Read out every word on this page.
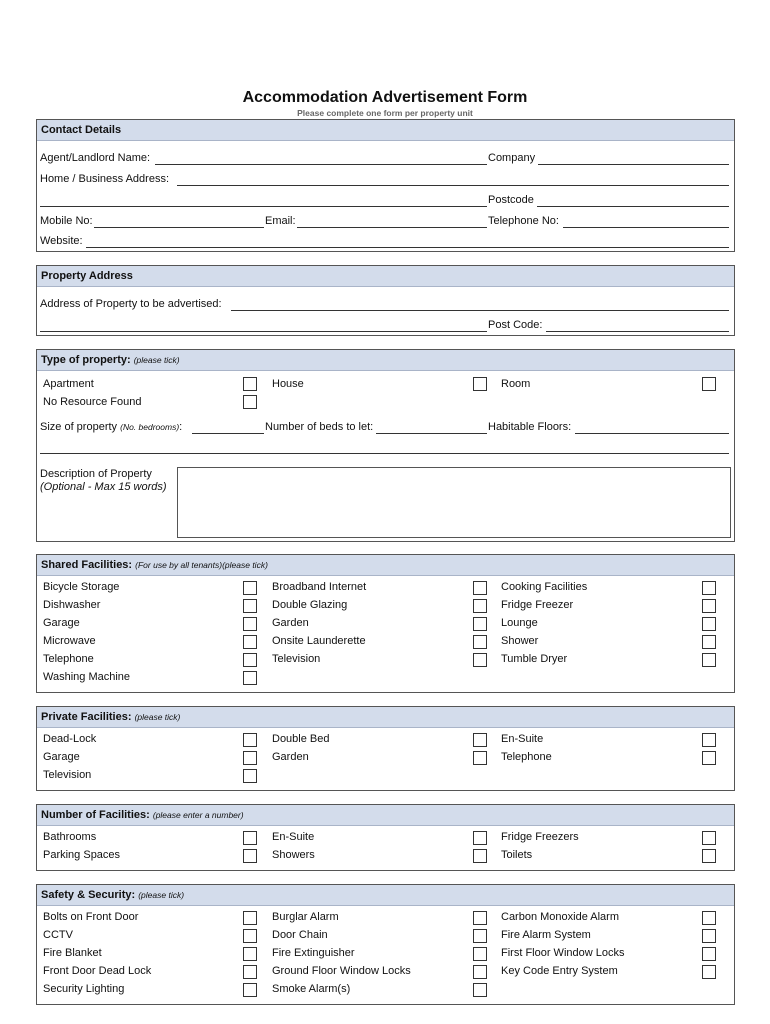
Accommodation Advertisement Form
Please complete one form per property unit
Contact Details
Agent/Landlord Name:	Company
Home / Business Address:
Postcode
Mobile No:	Email:	Telephone No:
Website:
Property Address
Address of Property to be advertised:
Post Code:
Type of property: (please tick)
Apartment	House	Room
No Resource Found
Size of property (No. bedrooms):	Number of beds to let:	Habitable Floors:
Description of Property
(Optional - Max 15 words)
Shared Facilities: (For use by all tenants)(please tick)
Bicycle Storage	Broadband Internet	Cooking Facilities
Dishwasher	Double Glazing	Fridge Freezer
Garage	Garden	Lounge
Microwave	Onsite Launderette	Shower
Telephone	Television	Tumble Dryer
Washing Machine
Private Facilities: (please tick)
Dead-Lock	Double Bed	En-Suite
Garage	Garden	Telephone
Television
Number of Facilities: (please enter a number)
Bathrooms	En-Suite	Fridge Freezers
Parking Spaces	Showers	Toilets
Safety & Security: (please tick)
Bolts on Front Door	Burglar Alarm	Carbon Monoxide Alarm
CCTV	Door Chain	Fire Alarm System
Fire Blanket	Fire Extinguisher	First Floor Window Locks
Front Door Dead Lock	Ground Floor Window Locks	Key Code Entry System
Security Lighting	Smoke Alarm(s)
